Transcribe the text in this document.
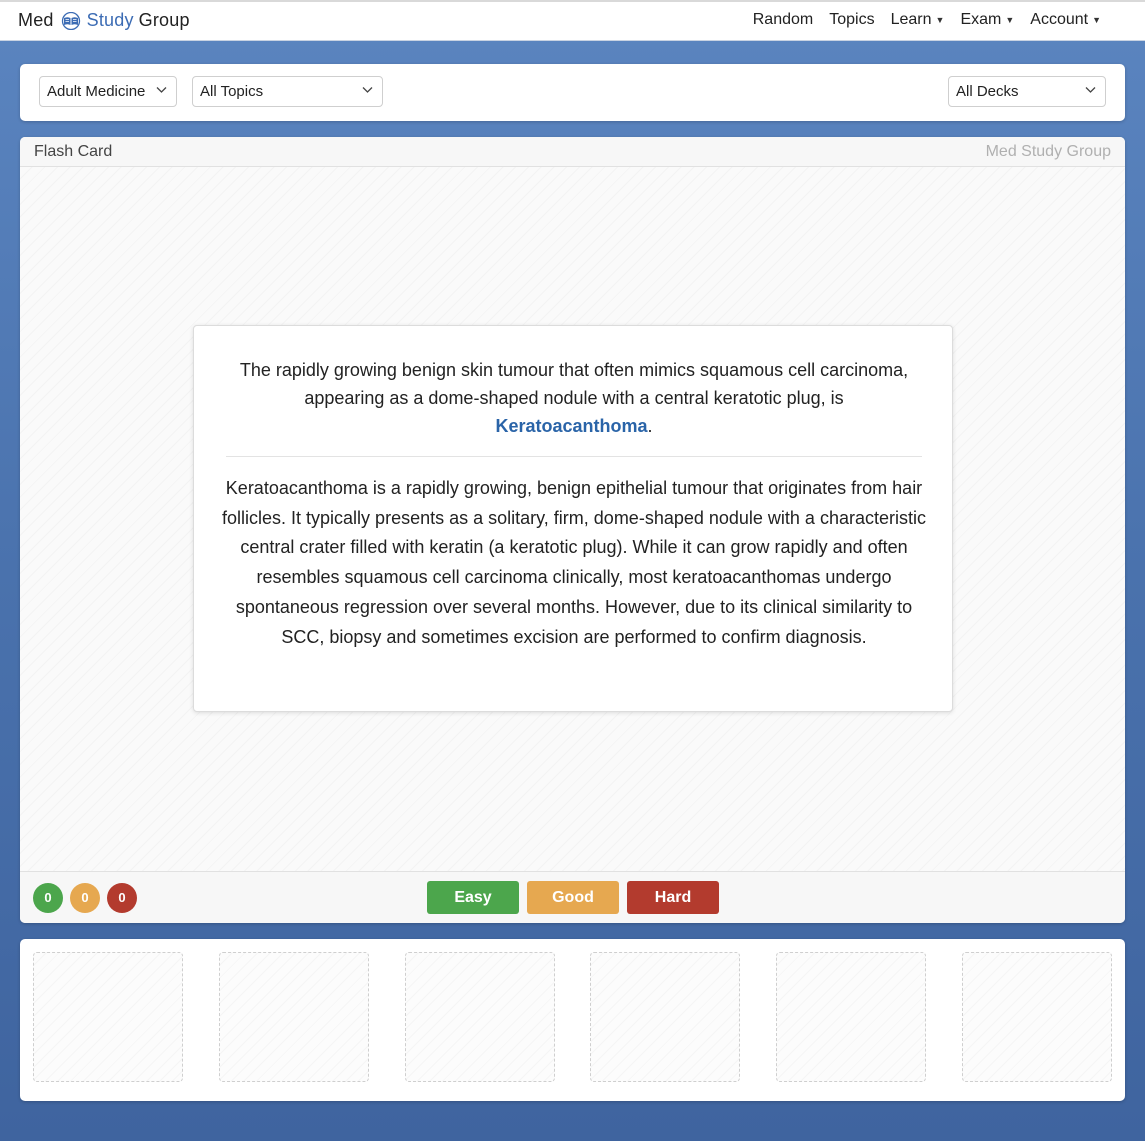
Med Study Group	Random Topics Learn ▼ Exam ▼ Account ▼
Adult Medicine	All Topics	All Decks
Flash Card	Med Study Group
The rapidly growing benign skin tumour that often mimics squamous cell carcinoma, appearing as a dome-shaped nodule with a central keratotic plug, is Keratoacanthoma.
Keratoacanthoma is a rapidly growing, benign epithelial tumour that originates from hair follicles. It typically presents as a solitary, firm, dome-shaped nodule with a characteristic central crater filled with keratin (a keratotic plug). While it can grow rapidly and often resembles squamous cell carcinoma clinically, most keratoacanthomas undergo spontaneous regression over several months. However, due to its clinical similarity to SCC, biopsy and sometimes excision are performed to confirm diagnosis.
0	0	0	Easy	Good	Hard
